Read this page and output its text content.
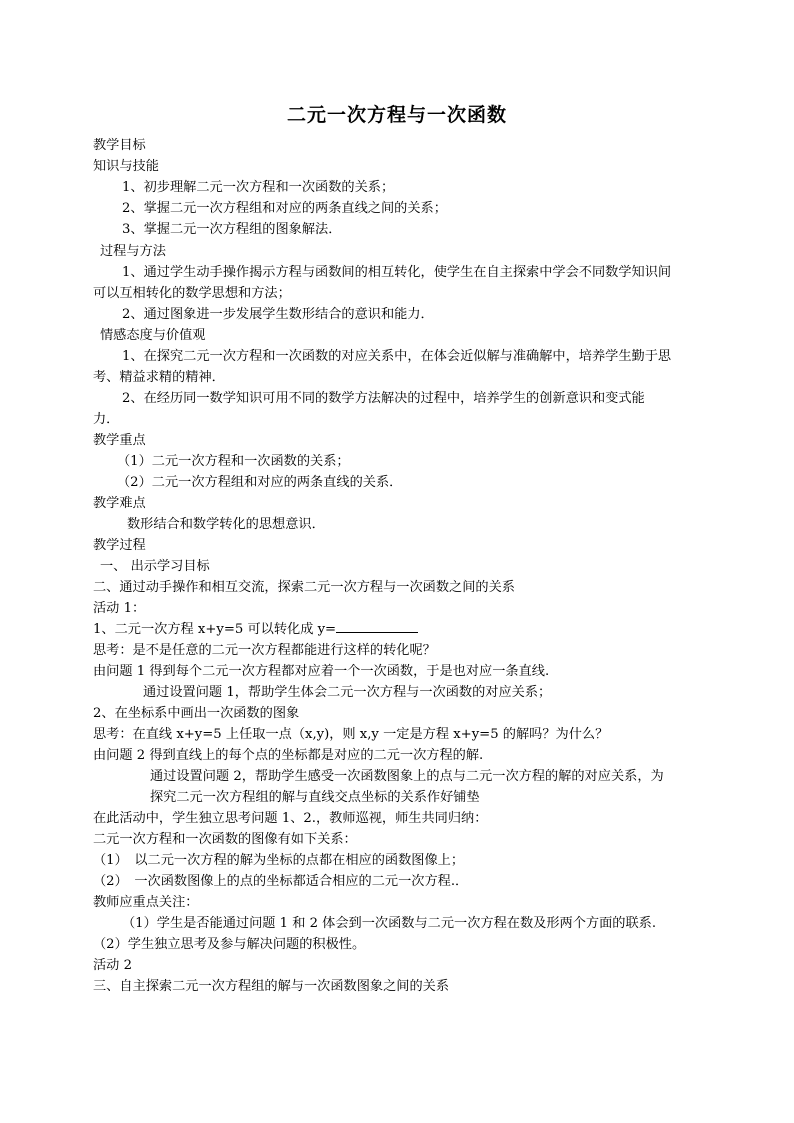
二元一次方程与一次函数
教学目标
知识与技能
1、初步理解二元一次方程和一次函数的关系；
2、掌握二元一次方程组和对应的两条直线之间的关系；
3、掌握二元一次方程组的图象解法．
过程与方法
1、通过学生动手操作揭示方程与函数间的相互转化，使学生在自主探索中学会不同数学知识间
可以互相转化的数学思想和方法；
2、通过图象进一步发展学生数形结合的意识和能力．
情感态度与价值观
1、在探究二元一次方程和一次函数的对应关系中，在体会近似解与准确解中，培养学生勤于思
考、精益求精的精神．
2、在经历同一数学知识可用不同的数学方法解决的过程中，培养学生的创新意识和变式能
力．
教学重点
（1）二元一次方程和一次函数的关系；
（2）二元一次方程组和对应的两条直线的关系．
教学难点
数形结合和数学转化的思想意识．
教学过程
一、 出示学习目标
二、通过动手操作和相互交流，探索二元一次方程与一次函数之间的关系
活动 1：
1、二元一次方程 x+y=5 可以转化成 y=
思考：是不是任意的二元一次方程都能进行这样的转化呢？
由问题 1 得到每个二元一次方程都对应着一个一次函数，于是也对应一条直线.
通过设置问题 1，帮助学生体会二元一次方程与一次函数的对应关系；
2、在坐标系中画出一次函数的图象
思考：在直线 x+y=5 上任取一点（x,y)，则 x,y 一定是方程 x+y=5 的解吗？为什么？
由问题 2 得到直线上的每个点的坐标都是对应的二元一次方程的解.
通过设置问题 2，帮助学生感受一次函数图象上的点与二元一次方程的解的对应关系，为
探究二元一次方程组的解与直线交点坐标的关系作好铺垫
在此活动中，学生独立思考问题 1、2.，教师巡视，师生共同归纳：
二元一次方程和一次函数的图像有如下关系：
（1）　以二元一次方程的解为坐标的点都在相应的函数图像上；
（2）　一次函数图像上的点的坐标都适合相应的二元一次方程.．
教师应重点关注：
（1）学生是否能通过问题 1 和 2 体会到一次函数与二元一次方程在数及形两个方面的联系.
（2）学生独立思考及参与解决问题的积极性。
活动 2
三、自主探索二元一次方程组的解与一次函数图象之间的关系
